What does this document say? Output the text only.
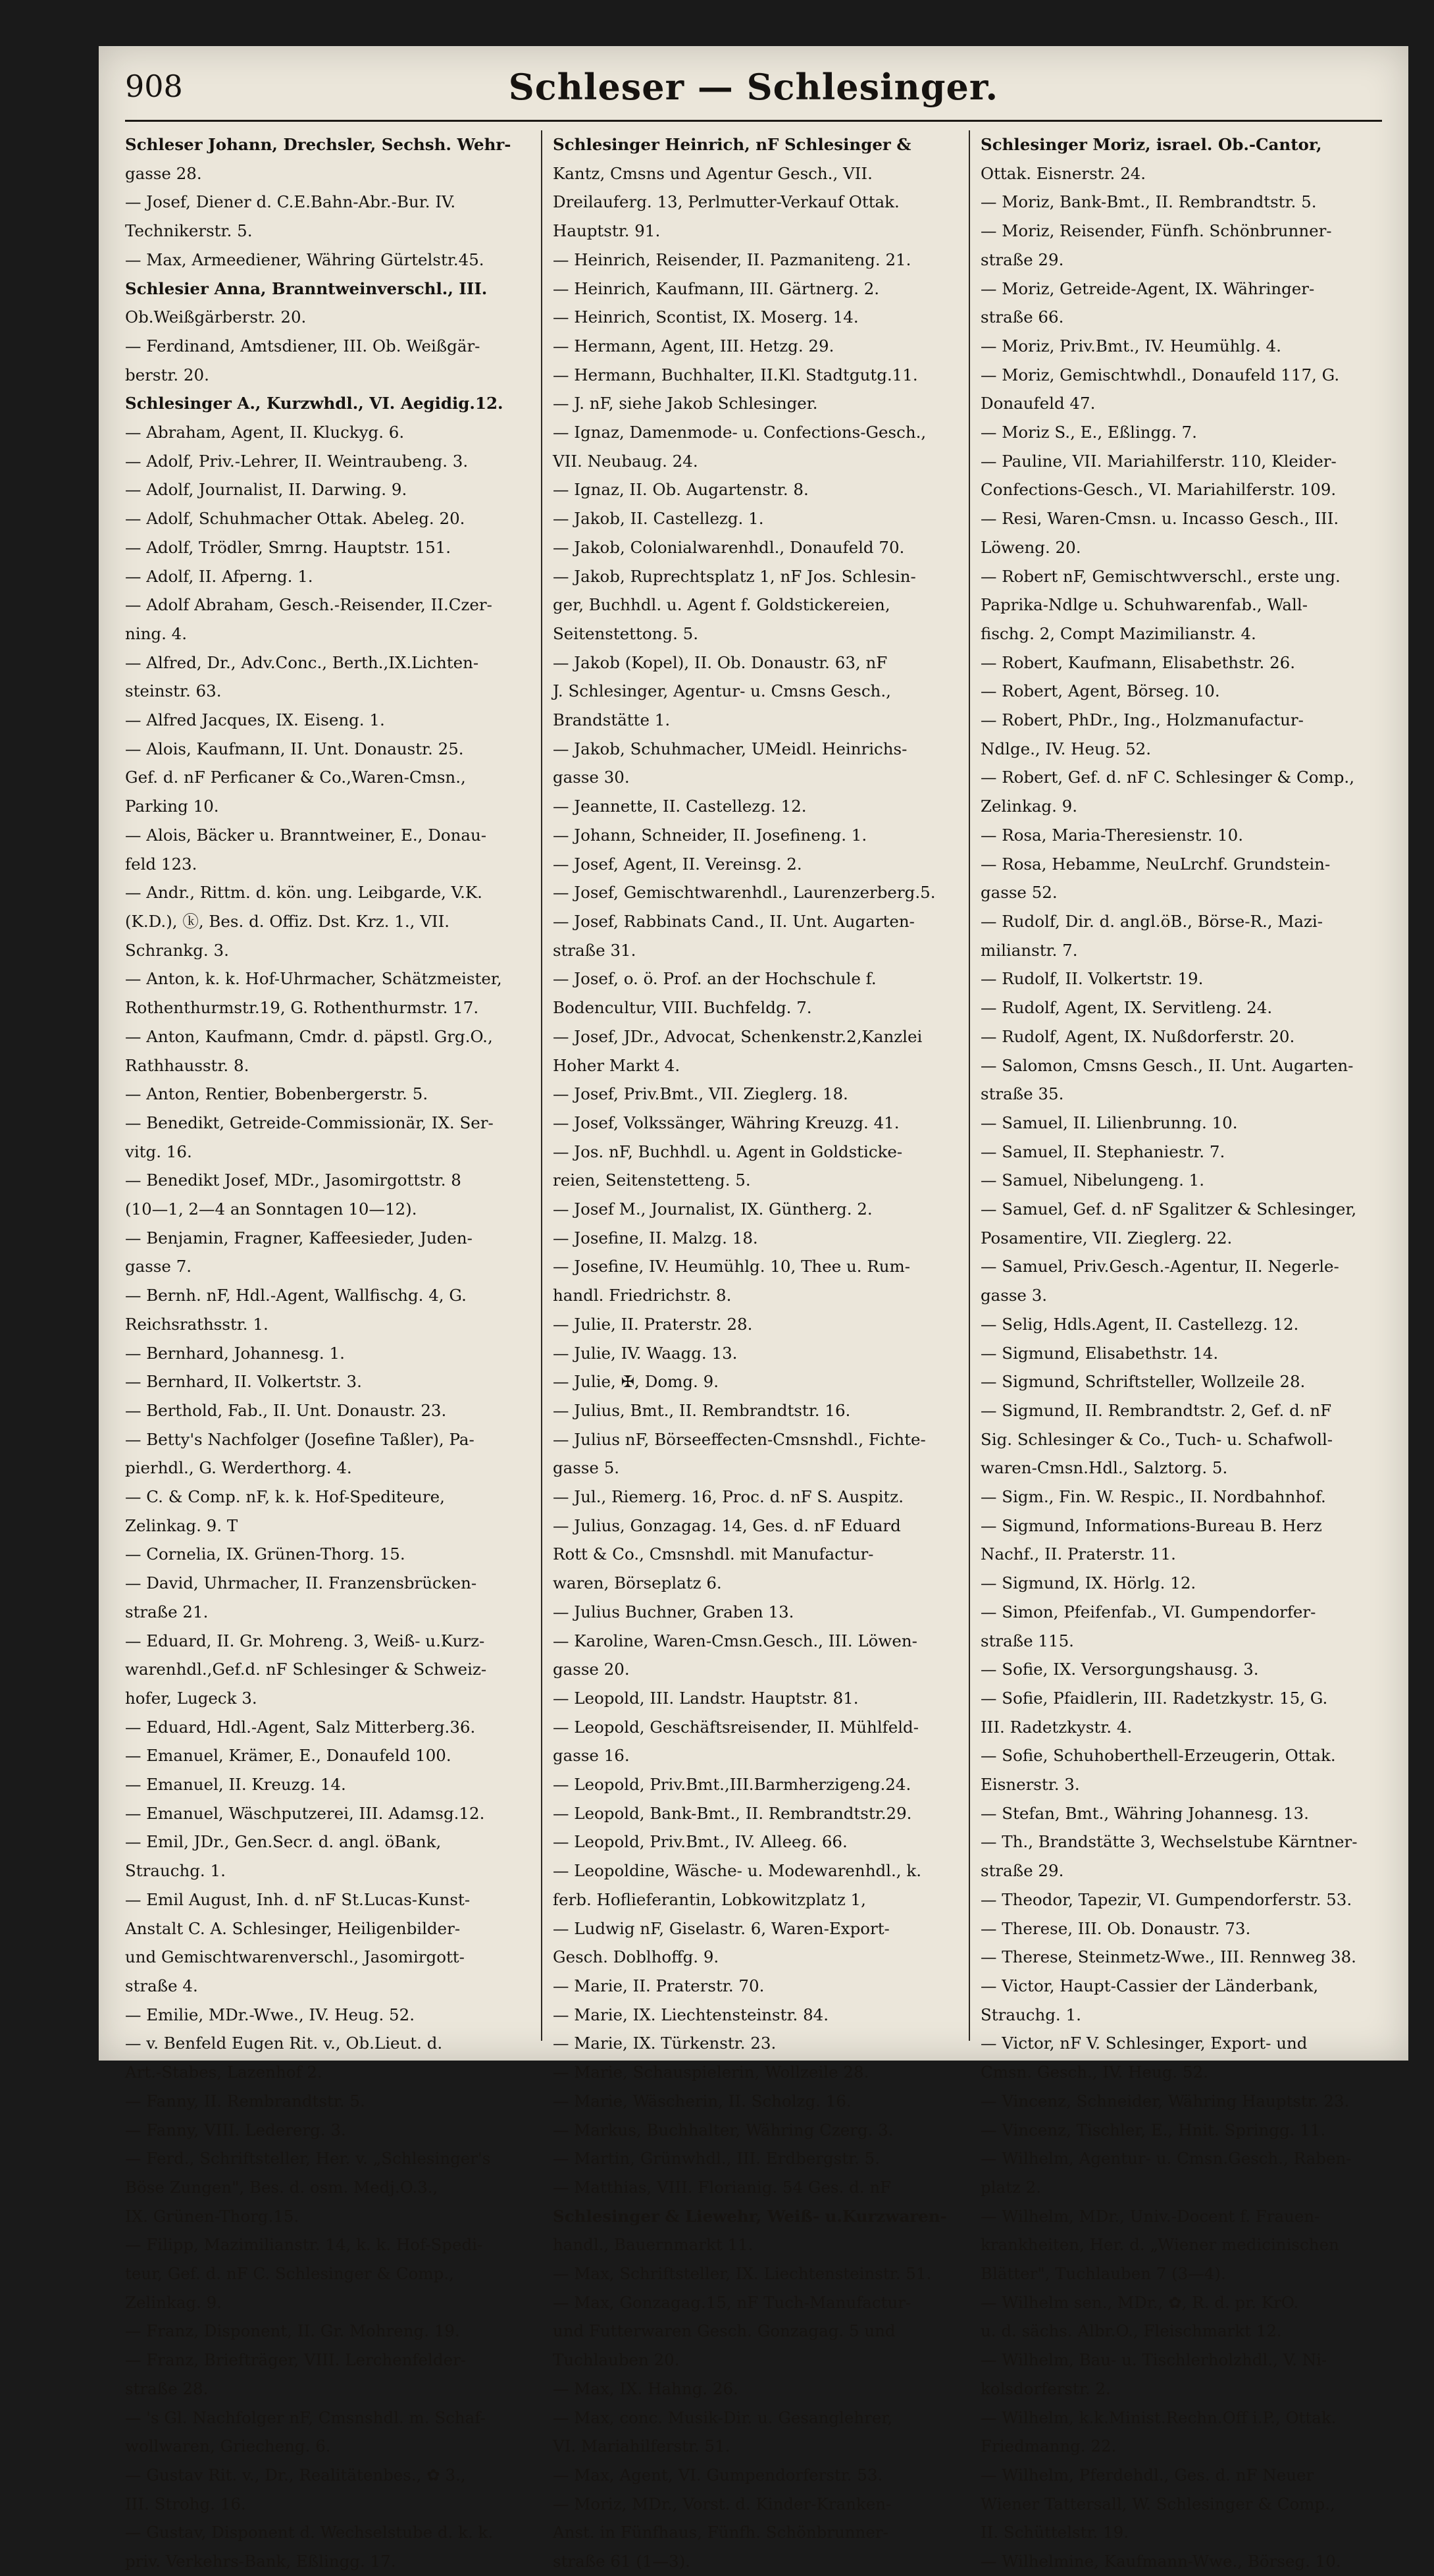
908	Schleser — Schlesinger.

Schleser Johann, Drechsler, Sechsh. Wehr-

gasse 28.

— Josef, Diener d. C.E.Bahn-Abr.-Bur. IV.

Technikerstr. 5.

— Max, Armeediener, Währing Gürtelstr.45.

Schlesier Anna, Branntweinverschl., III.

Ob.Weißgärberstr. 20.

— Ferdinand, Amtsdiener, III. Ob. Weißgär-

berstr. 20.

Schlesinger A., Kurzwhdl., VI. Aegidig.12.

— Abraham, Agent, II. Kluckyg. 6.

— Adolf, Priv.-Lehrer, II. Weintraubeng. 3.

— Adolf, Journalist, II. Darwing. 9.

— Adolf, Schuhmacher Ottak. Abeleg. 20.

— Adolf, Trödler, Smrng. Hauptstr. 151.

— Adolf, II. Afperng. 1.

— Adolf Abraham, Gesch.-Reisender, II.Czer-

ning. 4.

— Alfred, Dr., Adv.Conc., Berth.,IX.Lichten-

steinstr. 63.

— Alfred Jacques, IX. Eiseng. 1.

— Alois, Kaufmann, II. Unt. Donaustr. 25.

Gef. d. nF Perficaner & Co.,Waren-Cmsn.,

Parking 10.

— Alois, Bäcker u. Branntweiner, E., Donau-

feld 123.

— Andr., Rittm. d. kön. ung. Leibgarde, V.K.

(K.D.), ⓚ, Bes. d. Offiz. Dst. Krz. 1., VII.

Schrankg. 3.

— Anton, k. k. Hof-Uhrmacher, Schätzmeister,

Rothenthurmstr.19, G. Rothenthurmstr. 17.

— Anton, Kaufmann, Cmdr. d. päpstl. Grg.O.,

Rathhausstr. 8.

— Anton, Rentier, Bobenbergerstr. 5.

— Benedikt, Getreide-Commissionär, IX. Ser-

vitg. 16.

— Benedikt Josef, MDr., Jasomirgottstr. 8

(10—1, 2—4 an Sonntagen 10—12).

— Benjamin, Fragner, Kaffeesieder, Juden-

gasse 7.

— Bernh. nF, Hdl.-Agent, Wallfischg. 4, G.

Reichsrathsstr. 1.

— Bernhard, Johannesg. 1.

— Bernhard, II. Volkertstr. 3.

— Berthold, Fab., II. Unt. Donaustr. 23.

— Betty's Nachfolger (Josefine Taßler), Pa-

pierhdl., G. Werderthorg. 4.

— C. & Comp. nF, k. k. Hof-Spediteure,

Zelinkag. 9. T

— Cornelia, IX. Grünen-Thorg. 15.

— David, Uhrmacher, II. Franzensbrücken-

straße 21.

— Eduard, II. Gr. Mohreng. 3, Weiß- u.Kurz-

warenhdl.,Gef.d. nF Schlesinger & Schweiz-

hofer, Lugeck 3.

— Eduard, Hdl.-Agent, Salz Mitterberg.36.

— Emanuel, Krämer, E., Donaufeld 100.

— Emanuel, II. Kreuzg. 14.

— Emanuel, Wäschputzerei, III. Adamsg.12.

— Emil, JDr., Gen.Secr. d. angl. öBank,

Strauchg. 1.

— Emil August, Inh. d. nF St.Lucas-Kunst-

Anstalt C. A. Schlesinger, Heiligenbilder-

und Gemischtwarenverschl., Jasomirgott-

straße 4.

— Emilie, MDr.-Wwe., IV. Heug. 52.

— v. Benfeld Eugen Rit. v., Ob.Lieut. d.

Art.-Stabes, Lazenhof 2.

— Fanny, II. Rembrandtstr. 5.

— Fanny, VIII. Ledererg. 3.

— Ferd., Schriftsteller, Her. v. „Schlesinger's

Böse Zungen", Bes. d. osm. Medj.O.3.,

IX. Grünen-Thorg.15.

— Filipp, Mazimilianstr. 14, k. k. Hof-Spedi-

teur, Gef. d. nF C. Schlesinger & Comp.,

Zelinkag. 9.

— Franz, Disponent, II. Gr. Mohreng. 19.

— Franz, Briefträger, VIII. Lerchenfelder-

straße 28.

— 's Gl. Nachfolger nF, Cmsnshdl. m. Schaf-

wollwaren, Griecheng. 6.

— Gustav Rit. v., Dr., Realitätenbes., ✿ 3.,

III. Strohg. 16.

— Gustav, Disponent d. Wechselstube d. k. k.

priv. Verkehrs-Bank, Eßlingg. 17.

Schlesinger Heinrich, nF Schlesinger &

Kantz, Cmsns und Agentur Gesch., VII.

Dreilauferg. 13, Perlmutter-Verkauf Ottak.

Hauptstr. 91.

— Heinrich, Reisender, II. Pazmaniteng. 21.

— Heinrich, Kaufmann, III. Gärtnerg. 2.

— Heinrich, Scontist, IX. Moserg. 14.

— Hermann, Agent, III. Hetzg. 29.

— Hermann, Buchhalter, II.Kl. Stadtgutg.11.

— J. nF, siehe Jakob Schlesinger.

— Ignaz, Damenmode- u. Confections-Gesch.,

VII. Neubaug. 24.

— Ignaz, II. Ob. Augartenstr. 8.

— Jakob, II. Castellezg. 1.

— Jakob, Colonialwarenhdl., Donaufeld 70.

— Jakob, Ruprechtsplatz 1, nF Jos. Schlesin-

ger, Buchhdl. u. Agent f. Goldstickereien,

Seitenstettong. 5.

— Jakob (Kopel), II. Ob. Donaustr. 63, nF

J. Schlesinger, Agentur- u. Cmsns Gesch.,

Brandstätte 1.

— Jakob, Schuhmacher, UMeidl. Heinrichs-

gasse 30.

— Jeannette, II. Castellezg. 12.

— Johann, Schneider, II. Josefineng. 1.

— Josef, Agent, II. Vereinsg. 2.

— Josef, Gemischtwarenhdl., Laurenzerberg.5.

— Josef, Rabbinats Cand., II. Unt. Augarten-

straße 31.

— Josef, o. ö. Prof. an der Hochschule f.

Bodencultur, VIII. Buchfeldg. 7.

— Josef, JDr., Advocat, Schenkenstr.2,Kanzlei

Hoher Markt 4.

— Josef, Priv.Bmt., VII. Zieglerg. 18.

— Josef, Volkssänger, Währing Kreuzg. 41.

— Jos. nF, Buchhdl. u. Agent in Goldsticke-

reien, Seitenstetteng. 5.

— Josef M., Journalist, IX. Güntherg. 2.

— Josefine, II. Malzg. 18.

— Josefine, IV. Heumühlg. 10, Thee u. Rum-

handl. Friedrichstr. 8.

— Julie, II. Praterstr. 28.

— Julie, IV. Waagg. 13.

— Julie, ✠, Domg. 9.

— Julius, Bmt., II. Rembrandtstr. 16.

— Julius nF, Börseeffecten-Cmsnshdl., Fichte-

gasse 5.

— Jul., Riemerg. 16, Proc. d. nF S. Auspitz.

— Julius, Gonzagag. 14, Ges. d. nF Eduard

Rott & Co., Cmsnshdl. mit Manufactur-

waren, Börseplatz 6.

— Julius Buchner, Graben 13.

— Karoline, Waren-Cmsn.Gesch., III. Löwen-

gasse 20.

— Leopold, III. Landstr. Hauptstr. 81.

— Leopold, Geschäftsreisender, II. Mühlfeld-

gasse 16.

— Leopold, Priv.Bmt.,III.Barmherzigeng.24.

— Leopold, Bank-Bmt., II. Rembrandtstr.29.

— Leopold, Priv.Bmt., IV. Alleeg. 66.

— Leopoldine, Wäsche- u. Modewarenhdl., k.

ferb. Hoflieferantin, Lobkowitzplatz 1,

— Ludwig nF, Giselastr. 6, Waren-Export-

Gesch. Doblhoffg. 9.

— Marie, II. Praterstr. 70.

— Marie, IX. Liechtensteinstr. 84.

— Marie, IX. Türkenstr. 23.

— Marie, Schauspielerin, Wollzeile 28.

— Marie, Wäscherin, II. Scholzg. 16.

— Markus, Buchhalter, Währing Czerg. 3.

— Martin, Grünwhdl., III. Erdbergstr. 5.

— Matthias, VIII. Florianig. 54 Ges. d. nF

Schlesinger & Liewehr, Weiß- u.Kurzwaren-

handl., Bauernmarkt 11.

— Max, Schriftsteller, IX. Liechtensteinstr. 51.

— Max, Gonzagag.15, nF Tuch-Manufactur-

und Futterwaren Gesch. Gonzagag. 5 und

Tuchlauben 20.

— Max, IX. Hahng. 26.

— Max, conc. Musik-Dir. u. Gesanglehrer,

VI. Mariahilferstr. 51.

— Max, Agent, VI. Gumpendorferstr. 53.

— Moriz, MDr., Vorst. d. Kinder-Kranken-

Anst. in Fünfhaus, Fünfh. Schönbrunner-

straße 61 (1—3).

Schlesinger Moriz, israel. Ob.-Cantor,

Ottak. Eisnerstr. 24.

— Moriz, Bank-Bmt., II. Rembrandtstr. 5.

— Moriz, Reisender, Fünfh. Schönbrunner-

straße 29.

— Moriz, Getreide-Agent, IX. Währinger-

straße 66.

— Moriz, Priv.Bmt., IV. Heumühlg. 4.

— Moriz, Gemischtwhdl., Donaufeld 117, G.

Donaufeld 47.

— Moriz S., E., Eßlingg. 7.

— Pauline, VII. Mariahilferstr. 110, Kleider-

Confections-Gesch., VI. Mariahilferstr. 109.

— Resi, Waren-Cmsn. u. Incasso Gesch., III.

Löweng. 20.

— Robert nF, Gemischtwverschl., erste ung.

Paprika-Ndlge u. Schuhwarenfab., Wall-

fischg. 2, Compt Mazimilianstr. 4.

— Robert, Kaufmann, Elisabethstr. 26.

— Robert, Agent, Börseg. 10.

— Robert, PhDr., Ing., Holzmanufactur-

Ndlge., IV. Heug. 52.

— Robert, Gef. d. nF C. Schlesinger & Comp.,

Zelinkag. 9.

— Rosa, Maria-Theresienstr. 10.

— Rosa, Hebamme, NeuLrchf. Grundstein-

gasse 52.

— Rudolf, Dir. d. angl.öB., Börse-R., Mazi-

milianstr. 7.

— Rudolf, II. Volkertstr. 19.

— Rudolf, Agent, IX. Servitleng. 24.

— Rudolf, Agent, IX. Nußdorferstr. 20.

— Salomon, Cmsns Gesch., II. Unt. Augarten-

straße 35.

— Samuel, II. Lilienbrunng. 10.

— Samuel, II. Stephaniestr. 7.

— Samuel, Nibelungeng. 1.

— Samuel, Gef. d. nF Sgalitzer & Schlesinger,

Posamentire, VII. Zieglerg. 22.

— Samuel, Priv.Gesch.-Agentur, II. Negerle-

gasse 3.

— Selig, Hdls.Agent, II. Castellezg. 12.

— Sigmund, Elisabethstr. 14.

— Sigmund, Schriftsteller, Wollzeile 28.

— Sigmund, II. Rembrandtstr. 2, Gef. d. nF

Sig. Schlesinger & Co., Tuch- u. Schafwoll-

waren-Cmsn.Hdl., Salztorg. 5.

— Sigm., Fin. W. Respic., II. Nordbahnhof.

— Sigmund, Informations-Bureau B. Herz

Nachf., II. Praterstr. 11.

— Sigmund, IX. Hörlg. 12.

— Simon, Pfeifenfab., VI. Gumpendorfer-

straße 115.

— Sofie, IX. Versorgungshausg. 3.

— Sofie, Pfaidlerin, III. Radetzkystr. 15, G.

III. Radetzkystr. 4.

— Sofie, Schuhoberthell-Erzeugerin, Ottak.

Eisnerstr. 3.

— Stefan, Bmt., Währing Johannesg. 13.

— Th., Brandstätte 3, Wechselstube Kärntner-

straße 29.

— Theodor, Tapezir, VI. Gumpendorferstr. 53.

— Therese, III. Ob. Donaustr. 73.

— Therese, Steinmetz-Wwe., III. Rennweg 38.

— Victor, Haupt-Cassier der Länderbank,

Strauchg. 1.

— Victor, nF V. Schlesinger, Export- und

Cmsn. Gesch., IV. Heug. 52.

— Vincenz, Schneider, Währing Hauptstr. 23.

— Vincenz, Tischler, E., Hnit. Springg. 11.

— Wilhelm, Agentur- u. Cmsn.Gesch., Raben-

platz 2.

— Wilhelm, MDr., Univ.-Docent f. Frauen-

krankheiten, Her. d. „Wiener medicinischen

Blätter", Tuchlauben 7 (3—4).

— Wilhelm sen., MDr., ✿, R. d. pr. KrO.

u. d. sächs. Albr.O., Fleischmarkt 12.

— Wilhelm, Bau- u. Tischlerholzhdl., V. Ni-

kolsdorferstr. 2.

— Wilhelm, k.k.Minist.Rechn.Off i.P., Ottak.

Friedmanng. 22.

— Wilhelm, Pferdehdl., Ges. d. nF Neuer

Wiener Tattersall, W. Schlesinger & Comp.,

II. Schüttelstr. 19.

— Wilhelmine, Kaufmann-Wwe., Börseg. 10.
